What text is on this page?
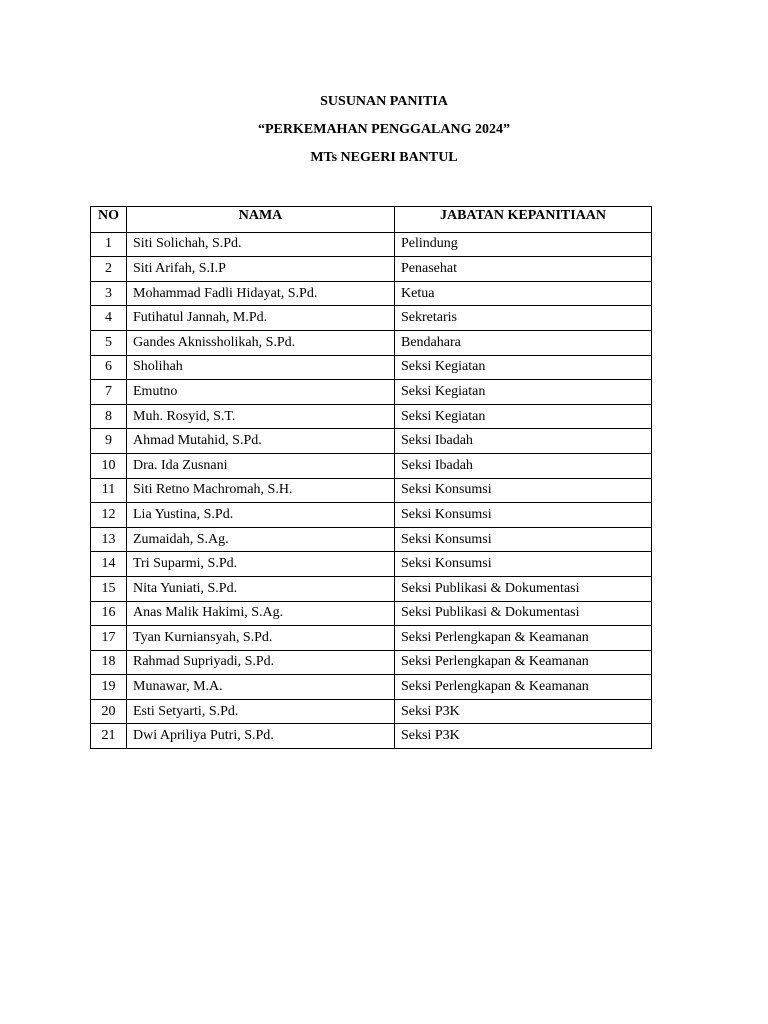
SUSUNAN PANITIA
“PERKEMAHAN PENGGALANG 2024”
MTs NEGERI BANTUL
NO	NAMA	JABATAN KEPANITIAAN
1	Siti Solichah, S.Pd.	Pelindung
2	Siti Arifah, S.I.P	Penasehat
3	Mohammad Fadli Hidayat, S.Pd.	Ketua
4	Futihatul Jannah, M.Pd.	Sekretaris
5	Gandes Aknissholikah, S.Pd.	Bendahara
6	Sholihah	Seksi Kegiatan
7	Emutno	Seksi Kegiatan
8	Muh. Rosyid, S.T.	Seksi Kegiatan
9	Ahmad Mutahid, S.Pd.	Seksi Ibadah
10	Dra. Ida Zusnani	Seksi Ibadah
11	Siti Retno Machromah, S.H.	Seksi Konsumsi
12	Lia Yustina, S.Pd.	Seksi Konsumsi
13	Zumaidah, S.Ag.	Seksi Konsumsi
14	Tri Suparmi, S.Pd.	Seksi Konsumsi
15	Nita Yuniati, S.Pd.	Seksi Publikasi & Dokumentasi
16	Anas Malik Hakimi, S.Ag.	Seksi Publikasi & Dokumentasi
17	Tyan Kurniansyah, S.Pd.	Seksi Perlengkapan & Keamanan
18	Rahmad Supriyadi, S.Pd.	Seksi Perlengkapan & Keamanan
19	Munawar, M.A.	Seksi Perlengkapan & Keamanan
20	Esti Setyarti, S.Pd.	Seksi P3K
21	Dwi Apriliya Putri, S.Pd.	Seksi P3K
